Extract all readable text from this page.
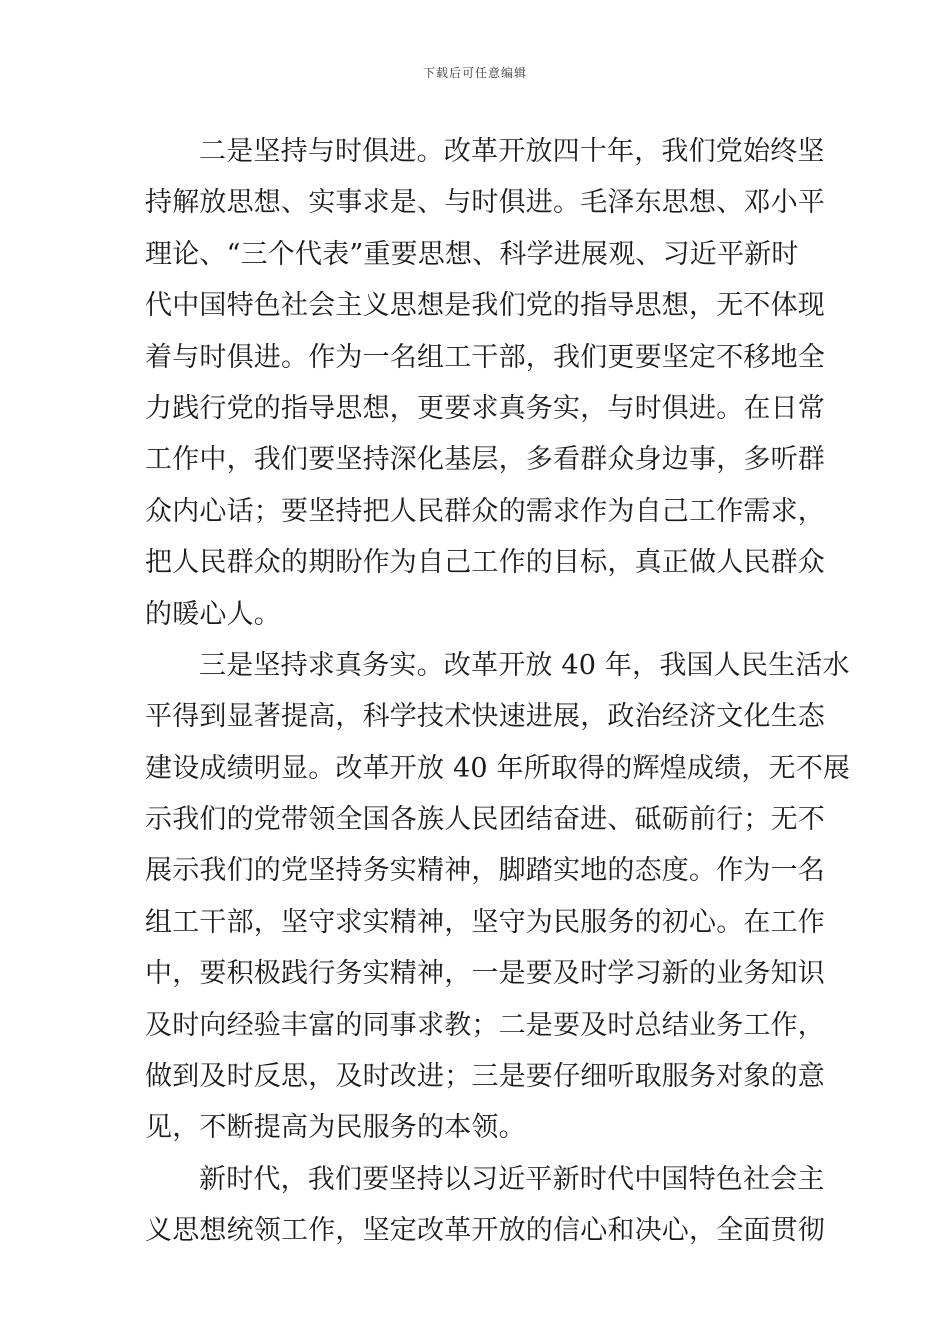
下载后可任意编辑
二是坚持与时俱进。改革开放四十年，我们党始终坚
持解放思想、实事求是、与时俱进。毛泽东思想、邓小平
理论、“三个代表”重要思想、科学进展观、习近平新时
代中国特色社会主义思想是我们党的指导思想，无不体现
着与时俱进。作为一名组工干部，我们更要坚定不移地全
力践行党的指导思想，更要求真务实，与时俱进。在日常
工作中，我们要坚持深化基层，多看群众身边事，多听群
众内心话；要坚持把人民群众的需求作为自己工作需求，
把人民群众的期盼作为自己工作的目标，真正做人民群众
的暖心人。
三是坚持求真务实。改革开放 40 年，我国人民生活水
平得到显著提高，科学技术快速进展，政治经济文化生态
建设成绩明显。改革开放 40 年所取得的辉煌成绩，无不展
示我们的党带领全国各族人民团结奋进、砥砺前行；无不
展示我们的党坚持务实精神，脚踏实地的态度。作为一名
组工干部，坚守求实精神，坚守为民服务的初心。在工作
中，要积极践行务实精神，一是要及时学习新的业务知识
及时向经验丰富的同事求教；二是要及时总结业务工作，
做到及时反思，及时改进；三是要仔细听取服务对象的意
见，不断提高为民服务的本领。
新时代，我们要坚持以习近平新时代中国特色社会主
义思想统领工作，坚定改革开放的信心和决心，全面贯彻
